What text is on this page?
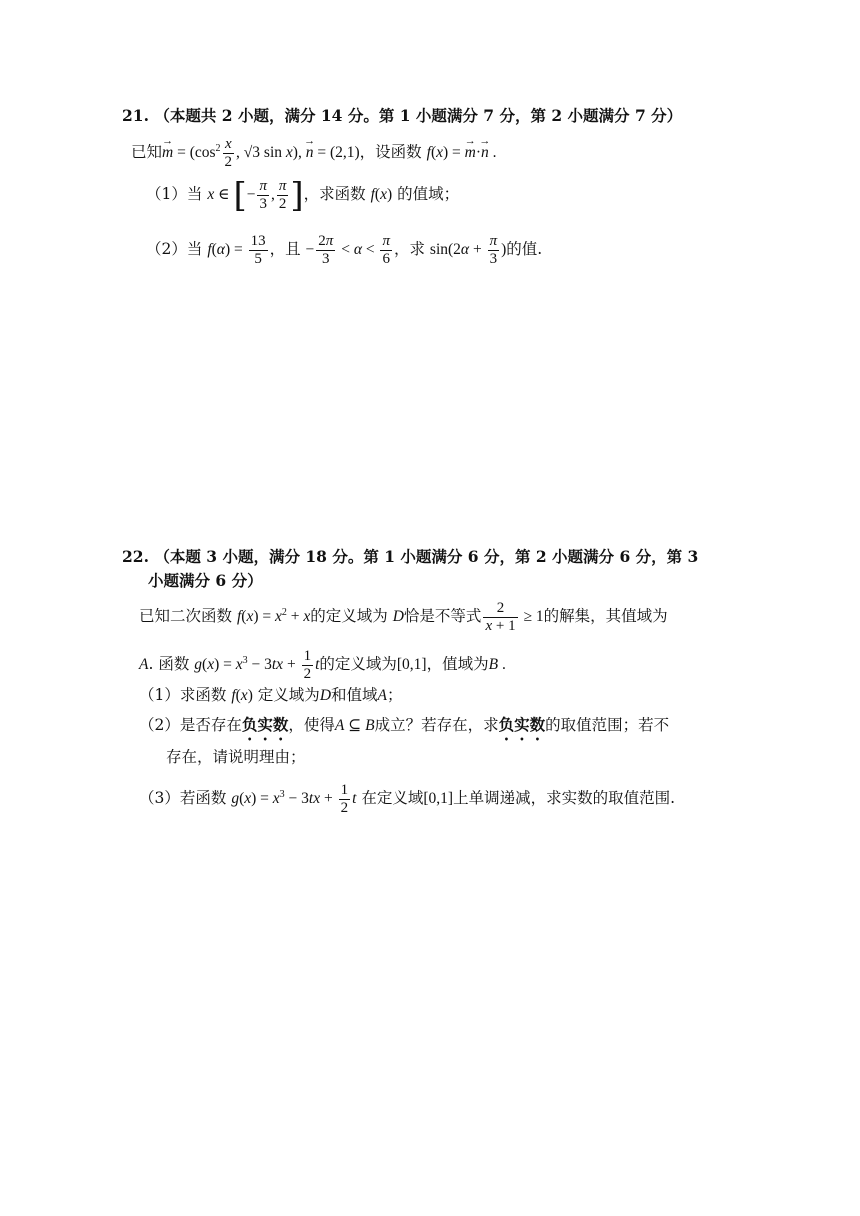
21. （本题共 2 小题，满分 14 分。第 1 小题满分 7 分，第 2 小题满分 7 分）
已知→ $m = (\cos^2 \frac{x}{2}$ , √3 sin x), → n = (2,1)，设函数 f(x) = → m·→ n .
（1）当 x ∈ [− $\frac{\pi}{3}$ , $\frac{\pi}{2}$ ]，求函数 f(x) 的值域；
（2）当 $f(\alpha) = \frac{13}{5}$ ，且 − $\frac{2\pi}{3} < \alpha < \frac{\pi}{6}$ ，求 $\sin(2\alpha + \frac{\pi}{3}$ )的值.
22. （本题 3 小题，满分 18 分。第 1 小题满分 6 分，第 2 小题满分 6 分，第 3
小题满分 6 分）
已知二次函数 $f(x) = x^2 + x$的定义域为 D恰是不等式 $\frac{2}{x + 1} \ge 1$的解集，其值域为
A. 函数 $g(x) = x^3 - 3tx + \frac{1}{2}$ t的定义域为[0,1]，值域为B .
（1）求函数 f(x) 定义域为D和值域A；
（2）是否存在负实数，使得A ⊆ B成立？若存在，求负实数的取值范围；若不
存在，请说明理由；
（3）若函数 $g(x) = x^3 - 3tx + \frac{1}{2}$ t 在定义域[0,1]上单调递减，求实数的取值范围.
